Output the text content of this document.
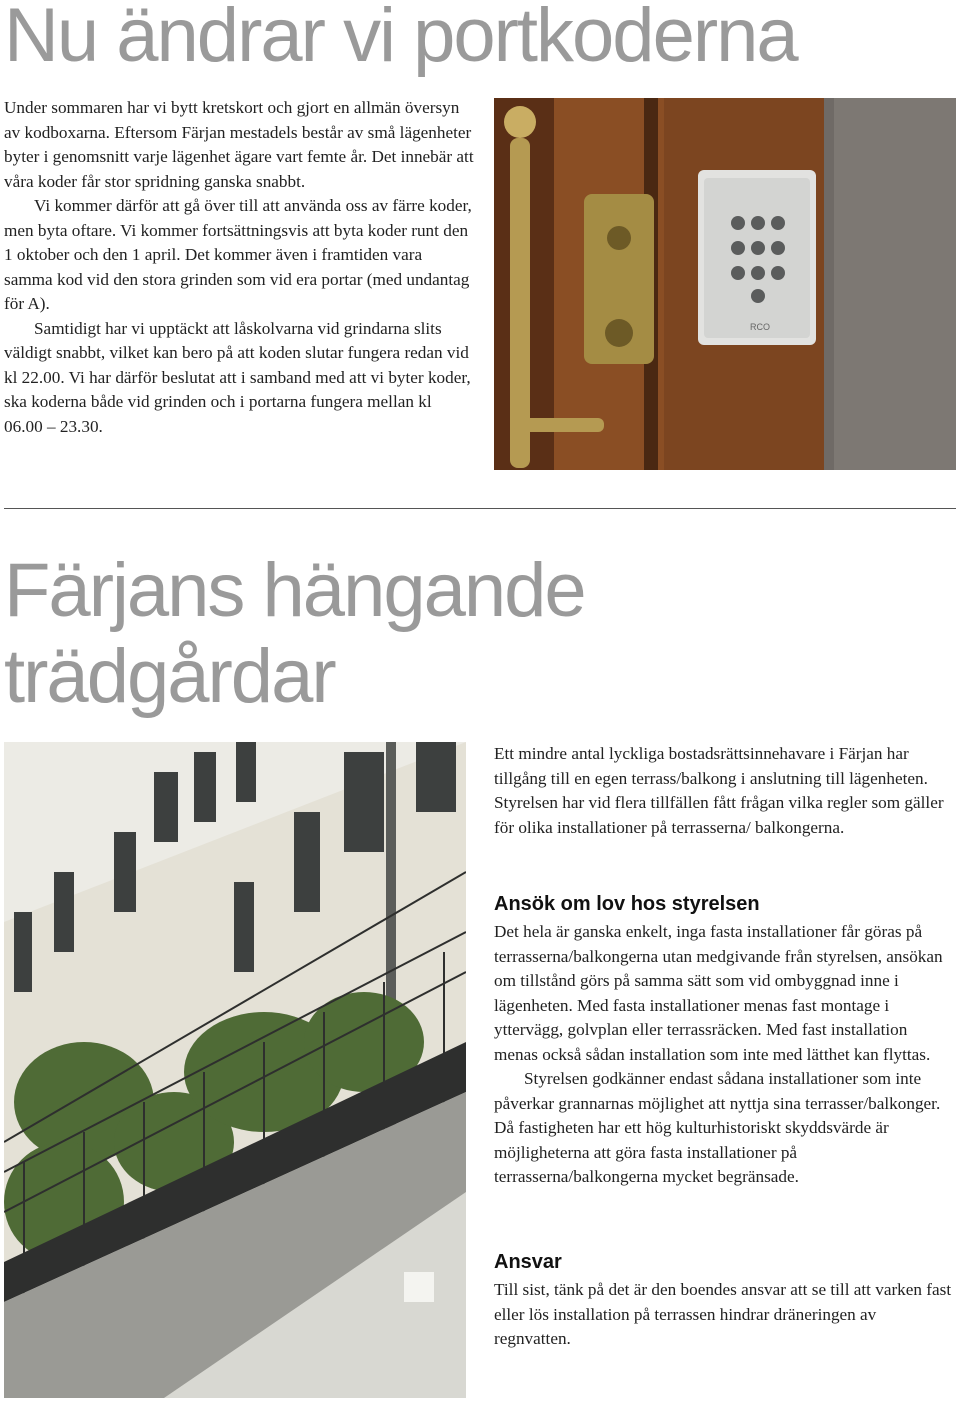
Nu ändrar vi portkoderna

Under sommaren har vi bytt kretskort och gjort en allmän översyn av kodboxarna. Eftersom Färjan mestadels består av små lägenheter byter i genomsnitt varje lägenhet ägare vart femte år. Det innebär att våra koder får stor spridning ganska snabbt.

Vi kommer därför att gå över till att använda oss av färre koder, men byta oftare. Vi kommer fortsättningsvis att byta koder runt den 1 oktober och den 1 april. Det kommer även i framtiden vara samma kod vid den stora grinden som vid era portar (med undantag för A).

Samtidigt har vi upptäckt att låskolvarna vid grindarna slits väldigt snabbt, vilket kan bero på att koden slutar fungera redan vid kl 22.00. Vi har därför beslutat att i samband med att vi byter koder, ska koderna både vid grinden och i portarna fungera mellan kl 06.00 – 23.30.

RCO
Färjans hängande
trädgårdar

Ett mindre antal lyckliga bostadsrättsinnehavare i Färjan har tillgång till en egen terrass/balkong i anslutning till lägenheten. Styrelsen har vid flera tillfällen fått frågan vilka regler som gäller för olika installationer på terrasserna/ balkongerna.

Ansök om lov hos styrelsen

Det hela är ganska enkelt, inga fasta installationer får göras på terrasserna/balkongerna utan medgivande från styrelsen, ansökan om tillstånd görs på samma sätt som vid ombyggnad inne i lägenheten. Med fasta installationer menas fast montage i yttervägg, golvplan eller terrassräcken. Med fast installation menas också sådan installation som inte med lätthet kan flyttas.

Styrelsen godkänner endast sådana installationer som inte påverkar grannarnas möjlighet att nyttja sina terrasser/balkonger. Då fastigheten har ett hög kulturhistoriskt skyddsvärde är möjligheterna att göra fasta installationer på terrasserna/balkongerna mycket begränsade.

Ansvar

Till sist, tänk på det är den boendes ansvar att se till att varken fast eller lös installation på terrassen hindrar dräneringen av regnvatten.
